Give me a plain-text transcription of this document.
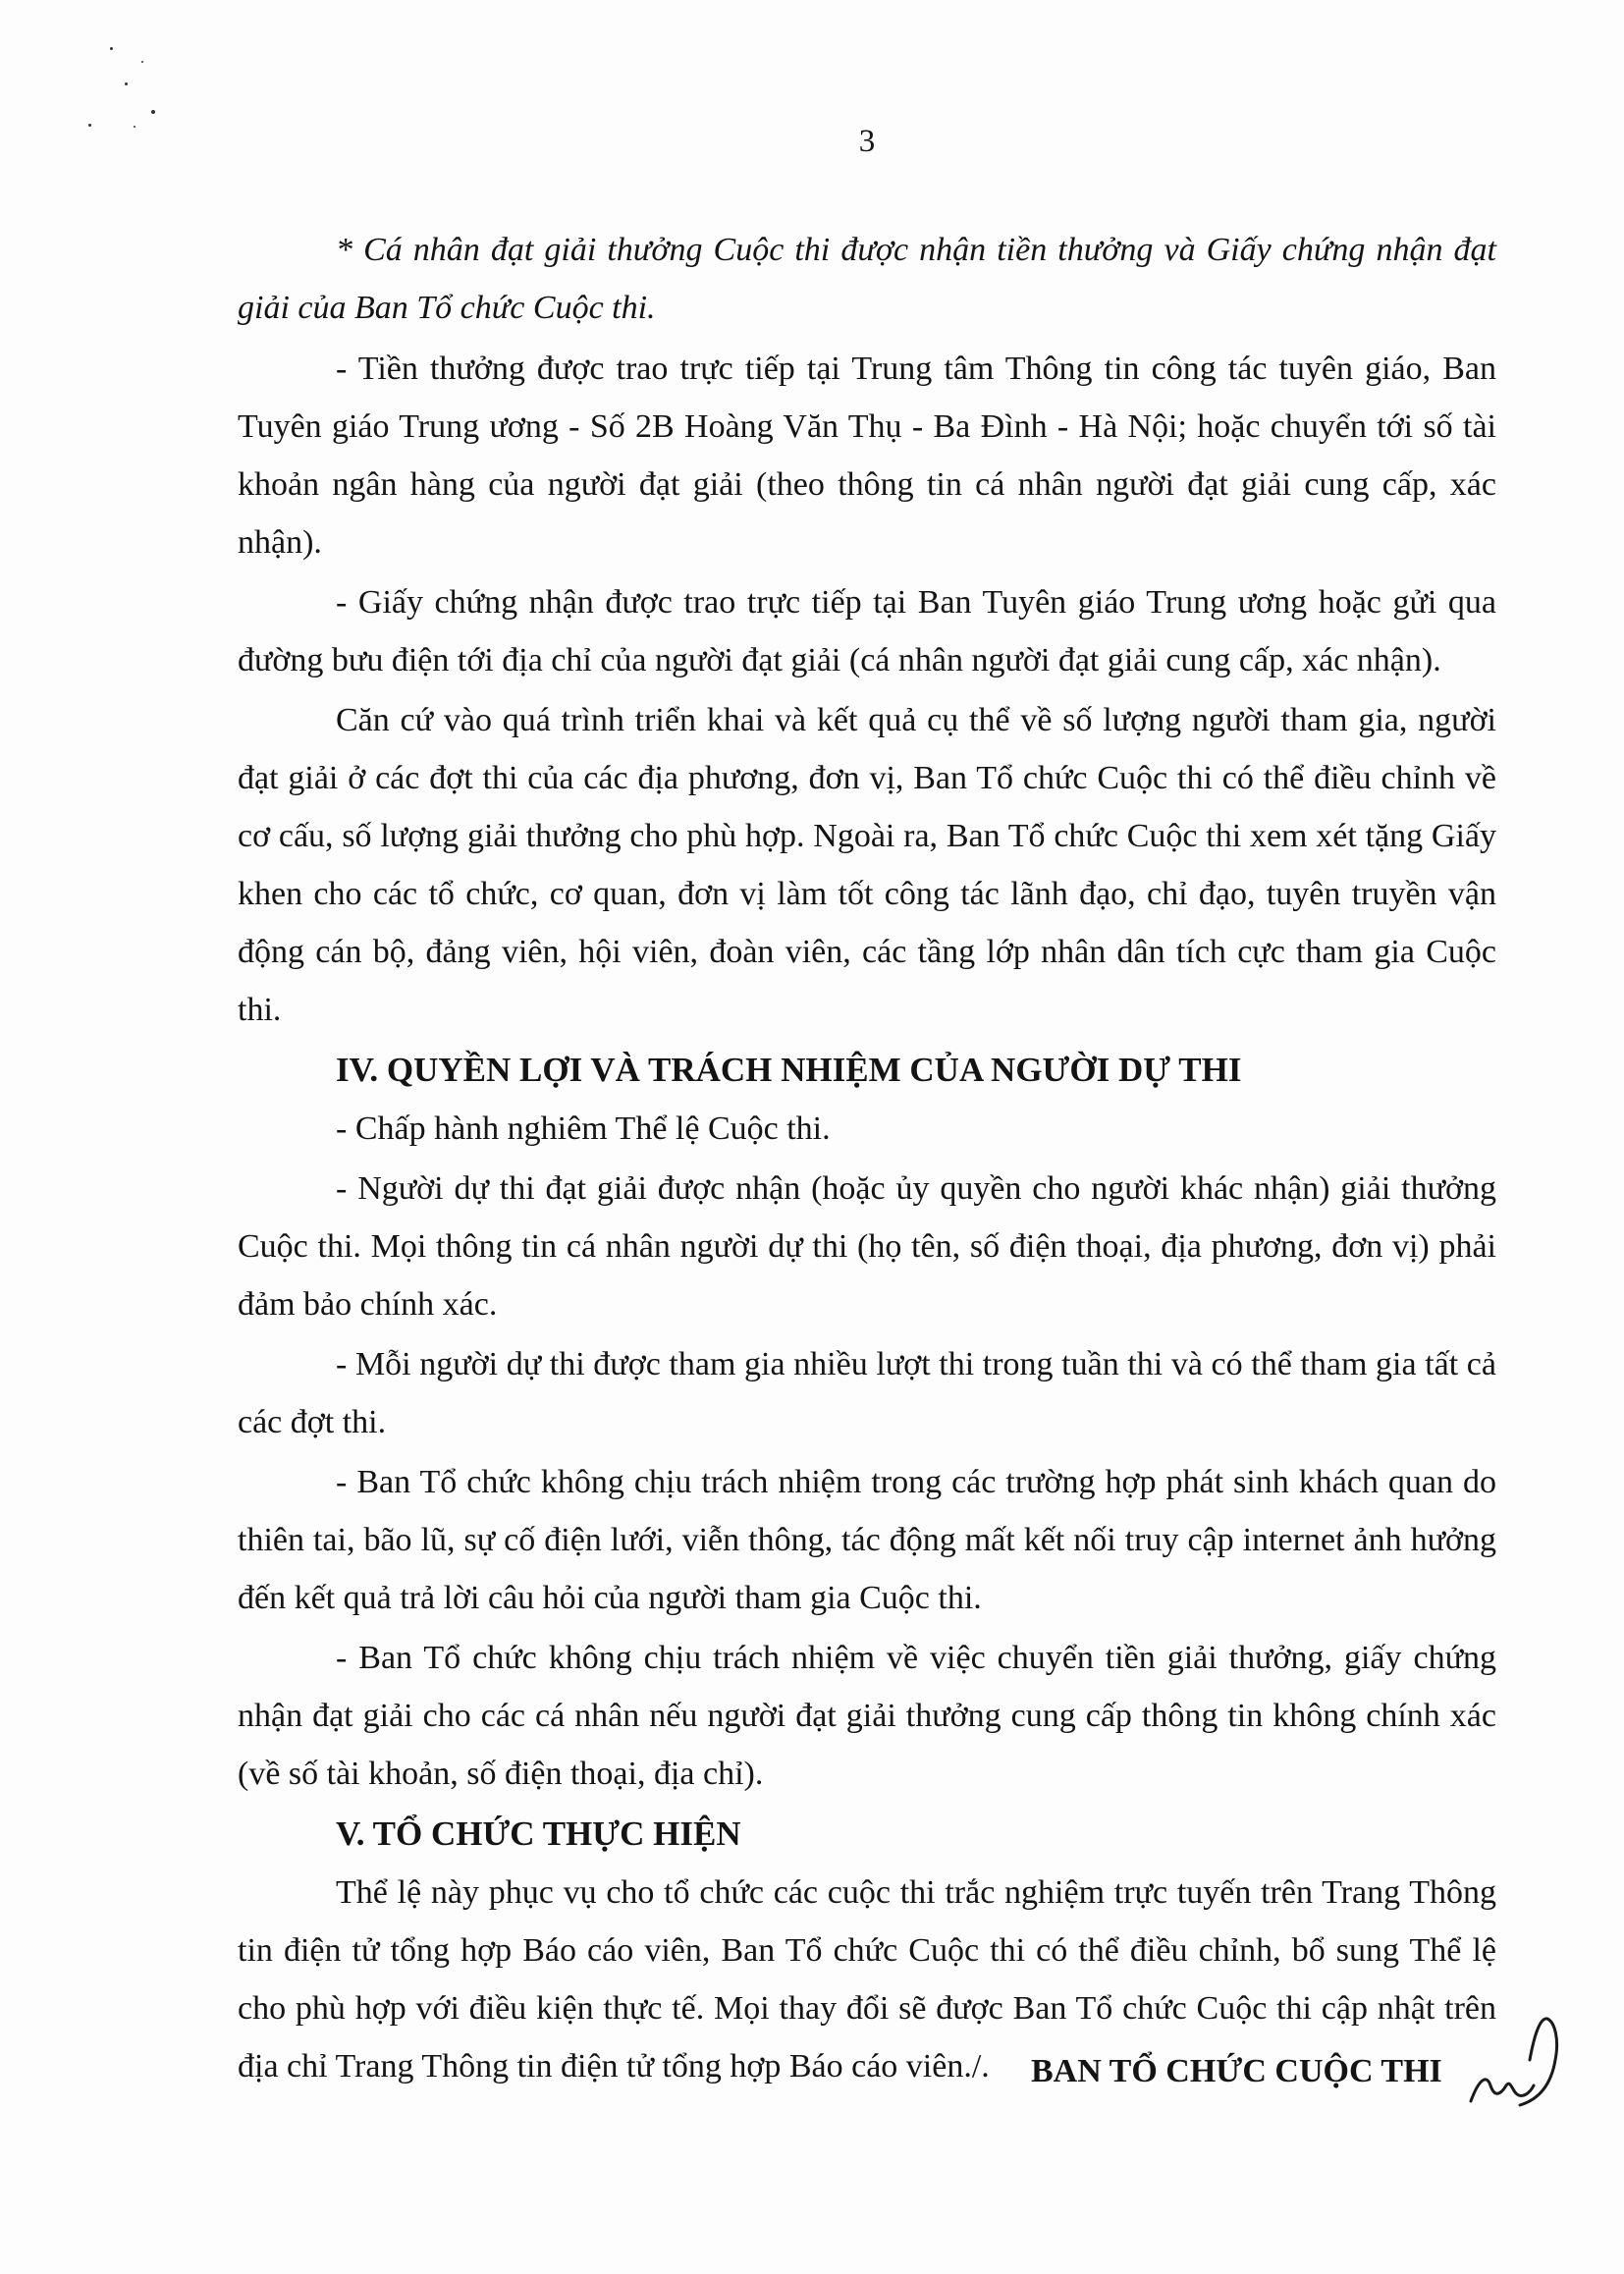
3

* Cá nhân đạt giải thưởng Cuộc thi được nhận tiền thưởng và Giấy chứng nhận đạt giải của Ban Tổ chức Cuộc thi.

- Tiền thưởng được trao trực tiếp tại Trung tâm Thông tin công tác tuyên giáo, Ban Tuyên giáo Trung ương - Số 2B Hoàng Văn Thụ - Ba Đình - Hà Nội; hoặc chuyển tới số tài khoản ngân hàng của người đạt giải (theo thông tin cá nhân người đạt giải cung cấp, xác nhận).

- Giấy chứng nhận được trao trực tiếp tại Ban Tuyên giáo Trung ương hoặc gửi qua đường bưu điện tới địa chỉ của người đạt giải (cá nhân người đạt giải cung cấp, xác nhận).

Căn cứ vào quá trình triển khai và kết quả cụ thể về số lượng người tham gia, người đạt giải ở các đợt thi của các địa phương, đơn vị, Ban Tổ chức Cuộc thi có thể điều chỉnh về cơ cấu, số lượng giải thưởng cho phù hợp. Ngoài ra, Ban Tổ chức Cuộc thi xem xét tặng Giấy khen cho các tổ chức, cơ quan, đơn vị làm tốt công tác lãnh đạo, chỉ đạo, tuyên truyền vận động cán bộ, đảng viên, hội viên, đoàn viên, các tầng lớp nhân dân tích cực tham gia Cuộc thi.

IV. QUYỀN LỢI VÀ TRÁCH NHIỆM CỦA NGƯỜI DỰ THI

- Chấp hành nghiêm Thể lệ Cuộc thi.

- Người dự thi đạt giải được nhận (hoặc ủy quyền cho người khác nhận) giải thưởng Cuộc thi. Mọi thông tin cá nhân người dự thi (họ tên, số điện thoại, địa phương, đơn vị) phải đảm bảo chính xác.

- Mỗi người dự thi được tham gia nhiều lượt thi trong tuần thi và có thể tham gia tất cả các đợt thi.

- Ban Tổ chức không chịu trách nhiệm trong các trường hợp phát sinh khách quan do thiên tai, bão lũ, sự cố điện lưới, viễn thông, tác động mất kết nối truy cập internet ảnh hưởng đến kết quả trả lời câu hỏi của người tham gia Cuộc thi.

- Ban Tổ chức không chịu trách nhiệm về việc chuyển tiền giải thưởng, giấy chứng nhận đạt giải cho các cá nhân nếu người đạt giải thưởng cung cấp thông tin không chính xác (về số tài khoản, số điện thoại, địa chỉ).

V. TỔ CHỨC THỰC HIỆN

Thể lệ này phục vụ cho tổ chức các cuộc thi trắc nghiệm trực tuyến trên Trang Thông tin điện tử tổng hợp Báo cáo viên, Ban Tổ chức Cuộc thi có thể điều chỉnh, bổ sung Thể lệ cho phù hợp với điều kiện thực tế. Mọi thay đổi sẽ được Ban Tổ chức Cuộc thi cập nhật trên địa chỉ Trang Thông tin điện tử tổng hợp Báo cáo viên./.	BAN TỔ CHỨC CUỘC THI
